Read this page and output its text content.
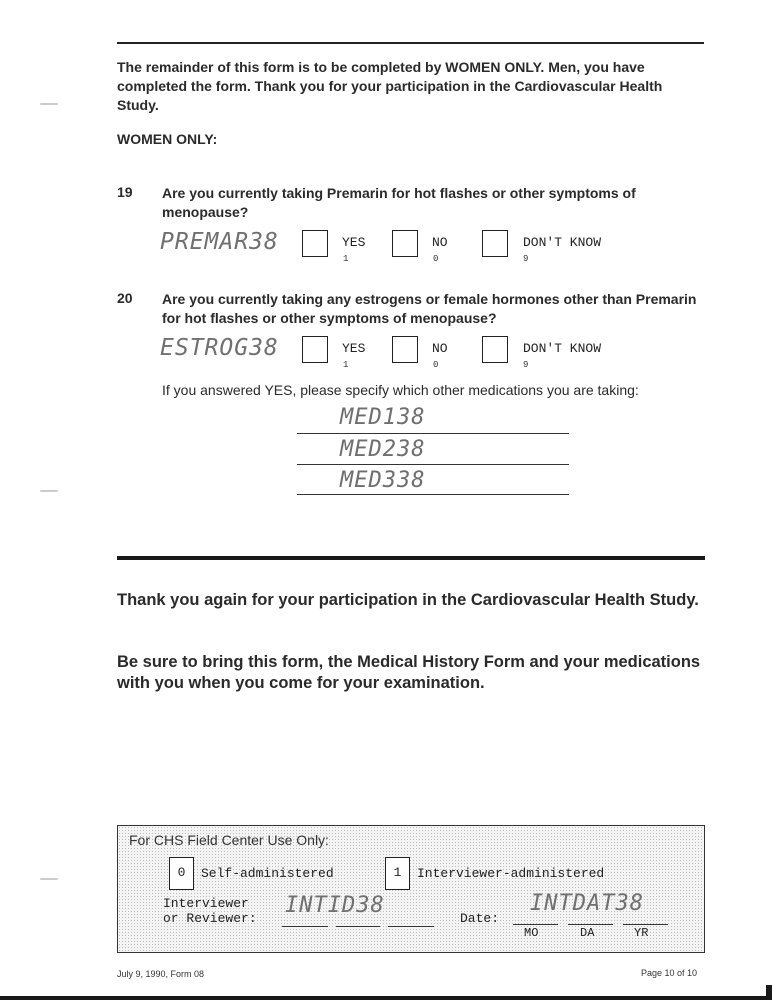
The remainder of this form is to be completed by WOMEN ONLY. Men, you have completed the form. Thank you for your participation in the Cardiovascular Health Study.
WOMEN ONLY:
19 Are you currently taking Premarin for hot flashes or other symptoms of menopause?
PREMAR38	YES
1
NO
0
DON'T KNOW
9
20 Are you currently taking any estrogens or female hormones other than Premarin for hot flashes or other symptoms of menopause?
ESTROG38	YES
1
NO
0
DON'T KNOW
9
If you answered YES, please specify which other medications you are taking:
MED138
MED238
MED338
Thank you again for your participation in the Cardiovascular Health Study.
Be sure to bring this form, the Medical History Form and your medications with you when you come for your examination.
For CHS Field Center Use Only:
0	Self-administered	1	Interviewer-administered
Interviewer
or Reviewer:
INTID38
Date:
INTDAT38
MO	DA	YR
July 9, 1990, Form 08	Page 10 of 10
